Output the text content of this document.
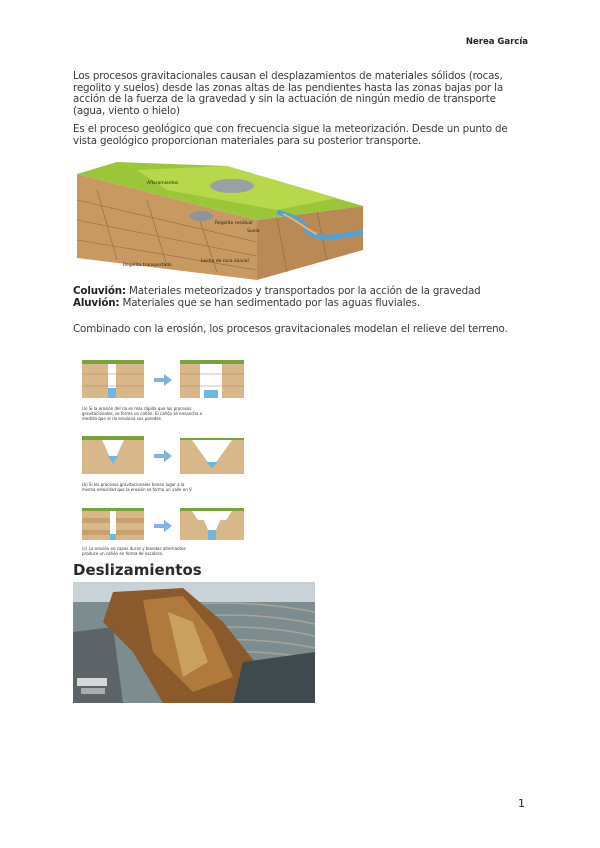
Nerea García
Los procesos gravitacionales causan el desplazamientos de materiales sólidos (rocas, regolito y suelos) desde las zonas altas de las pendientes hasta las zonas bajas por la acción de la fuerza de la gravedad y sin la actuación de ningún medio de transporte (agua, viento o hielo)
Es el proceso geológico que con frecuencia sigue la meteorización. Desde un punto de vista geológico proporcionan materiales para su posterior transporte.
Afloramientos
Regolito residual
Suelo
Regolito transportado
Lecho de roca aluvial
Coluvión: Materiales meteorizados y transportados por la acción de la gravedad
Aluvión: Materiales que se han sedimentado por las aguas fluviales.
Combinado con la erosión, los procesos gravitacionales modelan el relieve del terreno.
(a) Si la erosión del río es más rápida que los procesos gravitacionales, se forma un cañón. El cañón se ensancha a medida que el río erosiona sus paredes.
(b) Si los procesos gravitacionales tienen lugar a la misma velocidad que la erosión se forma un valle en V.
(c) La erosión en capas duras y blandas alternantes produce un cañón en forma de escalera.
Deslizamientos
1
